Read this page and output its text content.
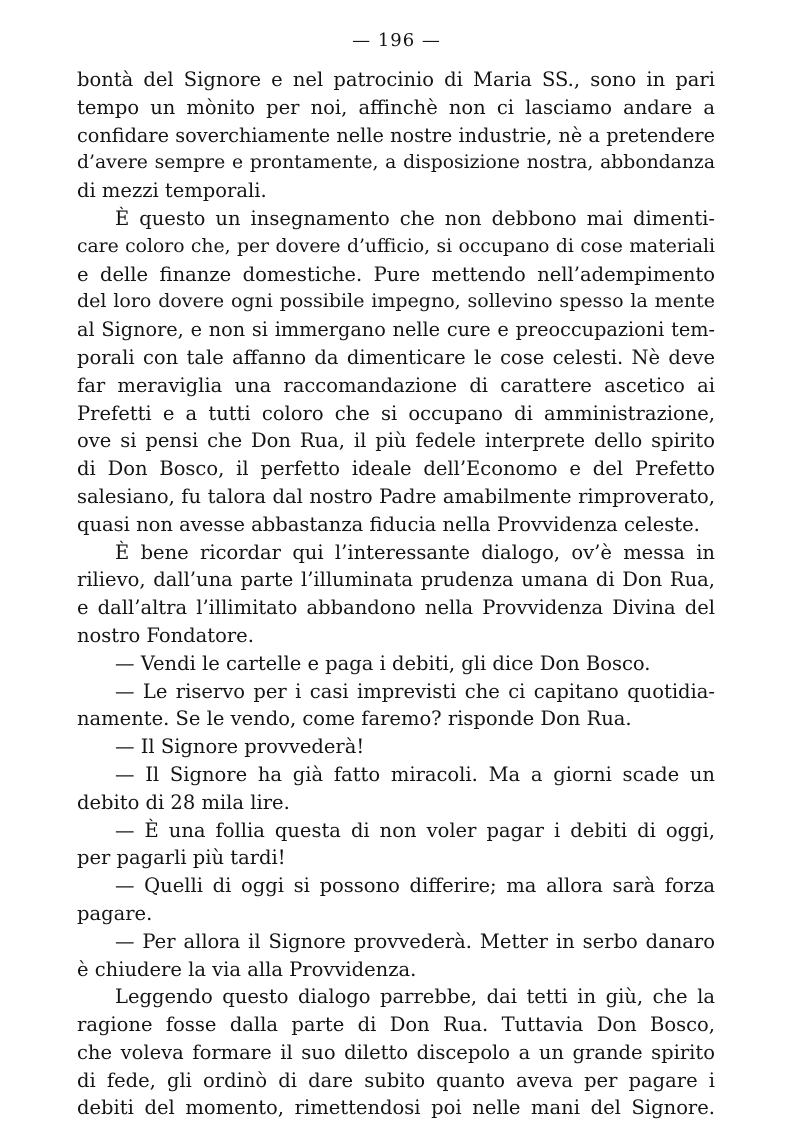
— 196 —
bontà del Signore e nel patrocinio di Maria SS., sono in pari
tempo un mònito per noi, affinchè non ci lasciamo andare a
confidare soverchiamente nelle nostre industrie, nè a pretendere
d’avere sempre e prontamente, a disposizione nostra, abbondanza
di mezzi temporali.
È questo un insegnamento che non debbono mai dimenti-
care coloro che, per dovere d’ufficio, si occupano di cose materiali
e delle finanze domestiche. Pure mettendo nell’adempimento
del loro dovere ogni possibile impegno, sollevino spesso la mente
al Signore, e non si immergano nelle cure e preoccupazioni tem-
porali con tale affanno da dimenticare le cose celesti. Nè deve
far meraviglia una raccomandazione di carattere ascetico ai
Prefetti e a tutti coloro che si occupano di amministrazione,
ove si pensi che Don Rua, il più fedele interprete dello spirito
di Don Bosco, il perfetto ideale dell’Economo e del Prefetto
salesiano, fu talora dal nostro Padre amabilmente rimproverato,
quasi non avesse abbastanza fiducia nella Provvidenza celeste.
È bene ricordar qui l’interessante dialogo, ov’è messa in
rilievo, dall’una parte l’illuminata prudenza umana di Don Rua,
e dall’altra l’illimitato abbandono nella Provvidenza Divina del
nostro Fondatore.
— Vendi le cartelle e paga i debiti, gli dice Don Bosco.
— Le riservo per i casi imprevisti che ci capitano quotidia-
namente. Se le vendo, come faremo? risponde Don Rua.
— Il Signore provvederà!
— Il Signore ha già fatto miracoli. Ma a giorni scade un
debito di 28 mila lire.
— È una follia questa di non voler pagar i debiti di oggi,
per pagarli più tardi!
— Quelli di oggi si possono differire; ma allora sarà forza
pagare.
— Per allora il Signore provvederà. Metter in serbo danaro
è chiudere la via alla Provvidenza.
Leggendo questo dialogo parrebbe, dai tetti in giù, che la
ragione fosse dalla parte di Don Rua. Tuttavia Don Bosco,
che voleva formare il suo diletto discepolo a un grande spirito
di fede, gli ordinò di dare subito quanto aveva per pagare i
debiti del momento, rimettendosi poi nelle mani del Signore.
